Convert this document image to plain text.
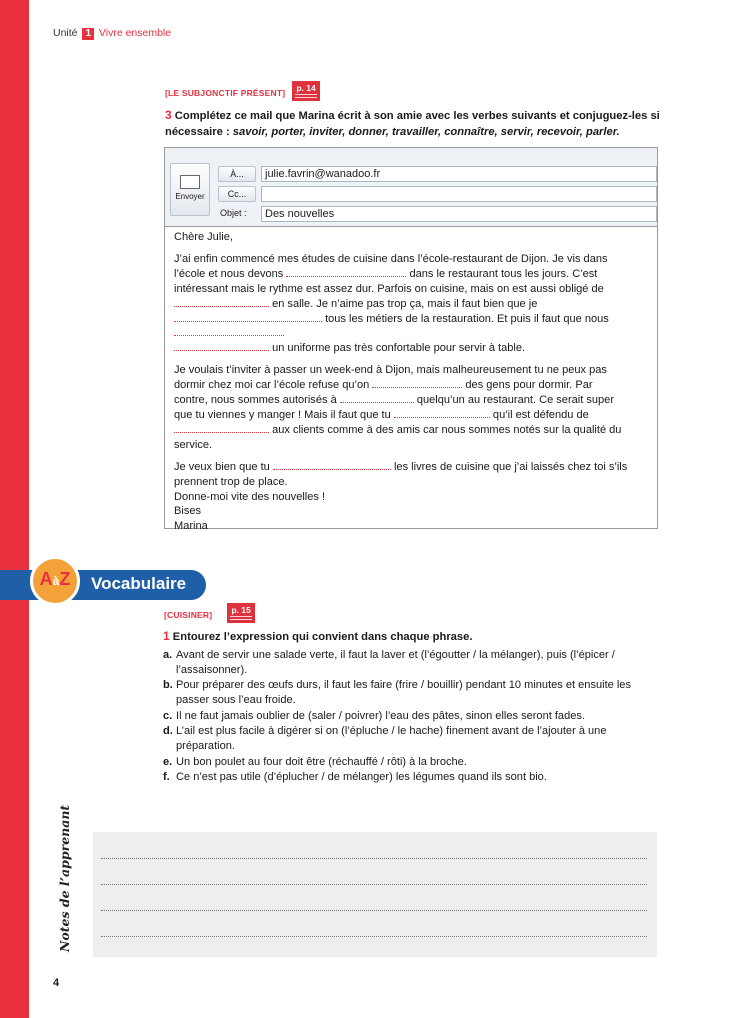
Unité 1 Vivre ensemble
[LE SUBJONCTIF PRÉSENT]	p. 14
3 Complétez ce mail que Marina écrit à son amie avec les verbes suivants et conjuguez-les si nécessaire : savoir, porter, inviter, donner, travailler, connaître, servir, recevoir, parler.
Envoyer
À...
Cc...
Objet :
julie.favrin@wanadoo.fr
Des nouvelles

Chère Julie,

J’ai enfin commencé mes études de cuisine dans l’école-restaurant de Dijon. Je vis dans

l’école et nous devons	dans le restaurant tous les jours. C’est

intéressant mais le rythme est assez dur. Parfois on cuisine, mais on est aussi obligé de

en salle. Je n’aime pas trop ça, mais il faut bien que je

tous les métiers de la restauration. Et puis il faut que nous

un uniforme pas très confortable pour servir à table.

Je voulais t’inviter à passer un week-end à Dijon, mais malheureusement tu ne peux pas

dormir chez moi car l’école refuse qu’on	des gens pour dormir. Par

contre, nous sommes autorisés à	quelqu’un au restaurant. Ce serait super

que tu viennes y manger ! Mais il faut que tu	qu’il est défendu de

aux clients comme à des amis car nous sommes notés sur la qualité du

service.

Je veux bien que tu	les livres de cuisine que j’ai laissés chez toi s’ils

prennent trop de place.

Donne-moi vite des nouvelles !

Bises

Marina

Vocabulaire
AàZ
[CUISINER]	p. 15
1 Entourez l’expression qui convient dans chaque phrase.
a. Avant de servir une salade verte, il faut la laver et (l’égoutter / la mélanger), puis (l’épicer / l’assaisonner).
b. Pour préparer des œufs durs, il faut les faire (frire / bouillir) pendant 10 minutes et ensuite les passer sous l’eau froide.
c. Il ne faut jamais oublier de (saler / poivrer) l’eau des pâtes, sinon elles seront fades.
d. L’ail est plus facile à digérer si on (l’épluche / le hache) finement avant de l’ajouter à une préparation.
e. Un bon poulet au four doit être (réchauffé / rôti) à la broche.
f. Ce n’est pas utile (d’éplucher / de mélanger) les légumes quand ils sont bio.
Notes de l’apprenant
4
